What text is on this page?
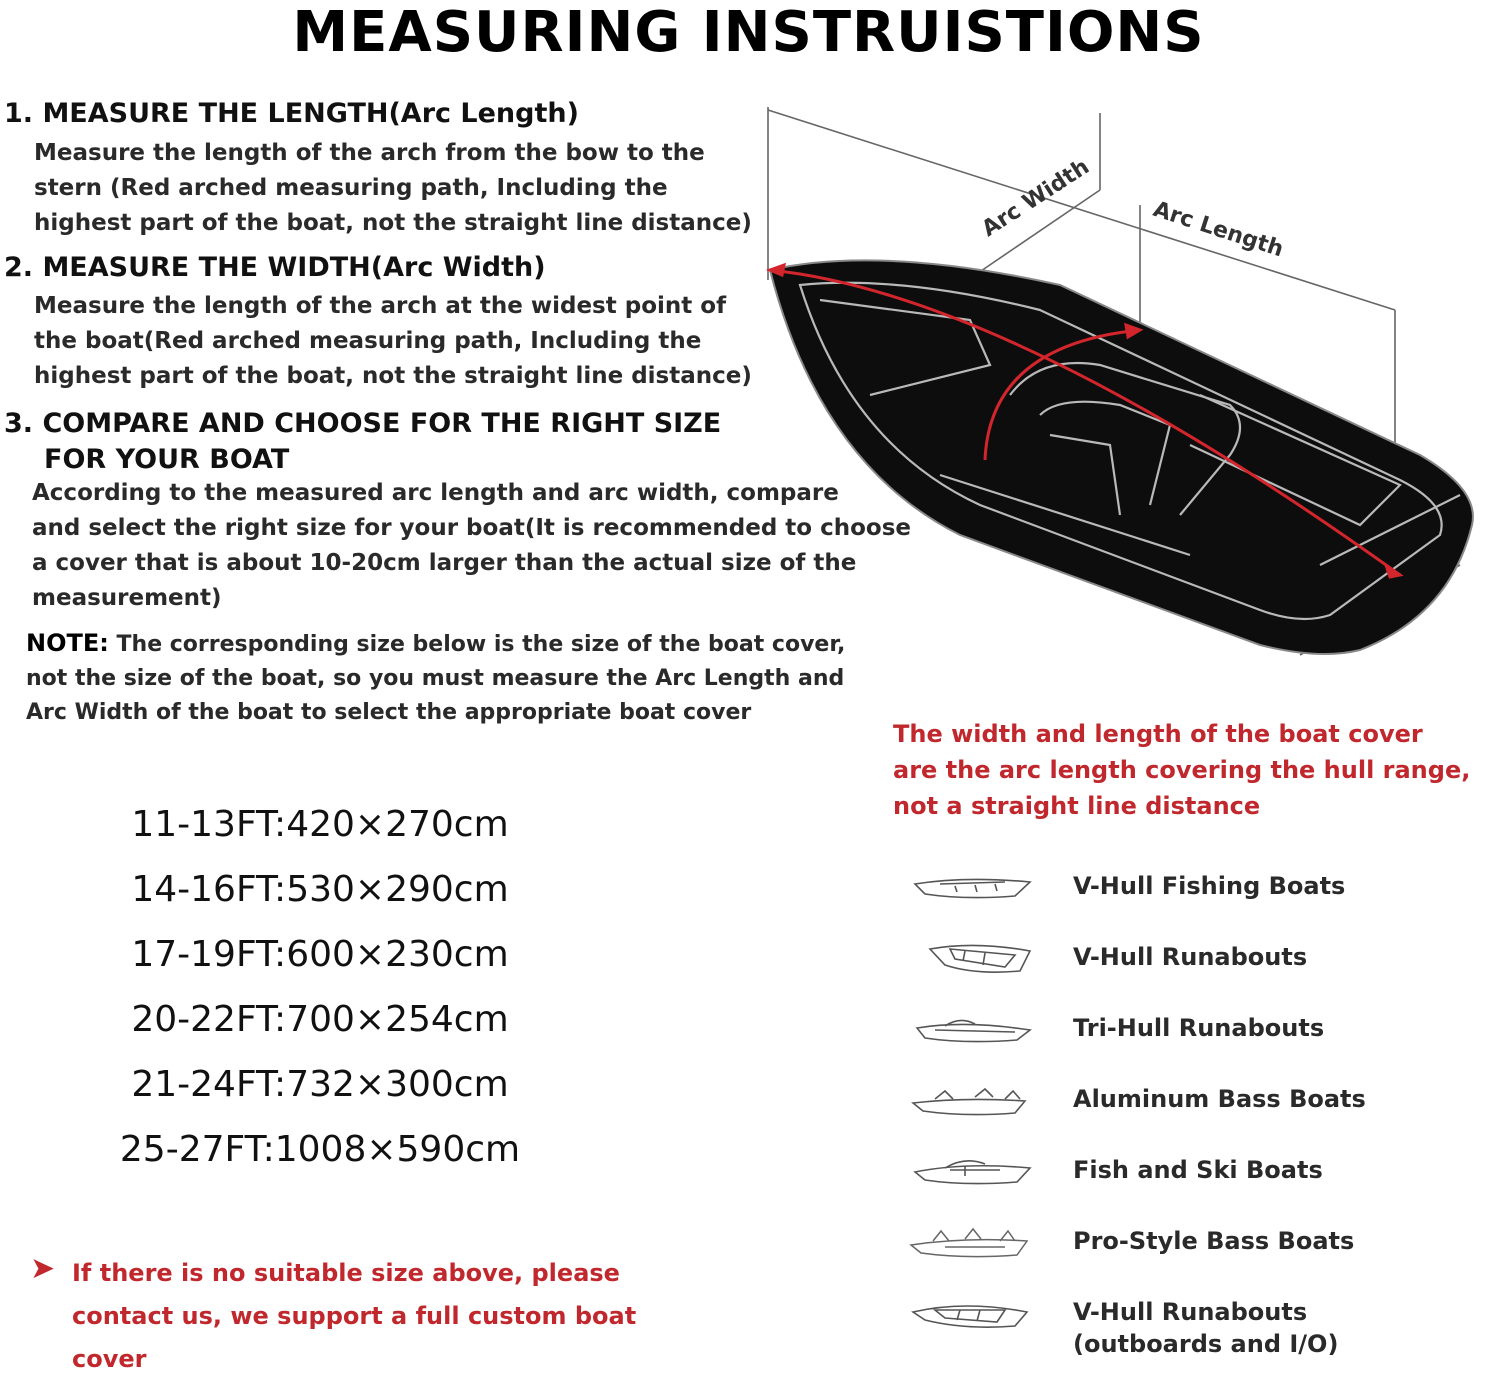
MEASURING INSTRUISTIONS
1. MEASURE THE LENGTH(Arc Length)
Measure the length of the arch from the bow to the
stern (Red arched measuring path, Including the
highest part of the boat, not the straight line distance)
2. MEASURE THE WIDTH(Arc Width)
Measure the length of the arch at the widest point of
the boat(Red arched measuring path, Including the
highest part of the boat, not the straight line distance)
3. COMPARE AND CHOOSE FOR THE RIGHT SIZE
FOR YOUR BOAT
According to the measured arc length and arc width, compare
and select the right size for your boat(It is recommended to choose
a cover that is about 10-20cm larger than the actual size of the
measurement)
NOTE: The corresponding size below is the size of the boat cover,
not the size of the boat, so you must measure the Arc Length and
Arc Width of the boat to select the appropriate boat cover
Arc Width	Arc Length
The width and length of the boat cover
are the arc length covering the hull range,
not a straight line distance
11-13FT:420×270cm
14-16FT:530×290cm
17-19FT:600×230cm
20-22FT:700×254cm
21-24FT:732×300cm
25-27FT:1008×590cm
V-Hull Fishing Boats
V-Hull Runabouts
Tri-Hull Runabouts
Aluminum Bass Boats
Fish and Ski Boats
Pro-Style Bass Boats
V-Hull Runabouts
(outboards and I/O)
➤ If there is no suitable size above, please
contact us, we support a full custom boat
cover
